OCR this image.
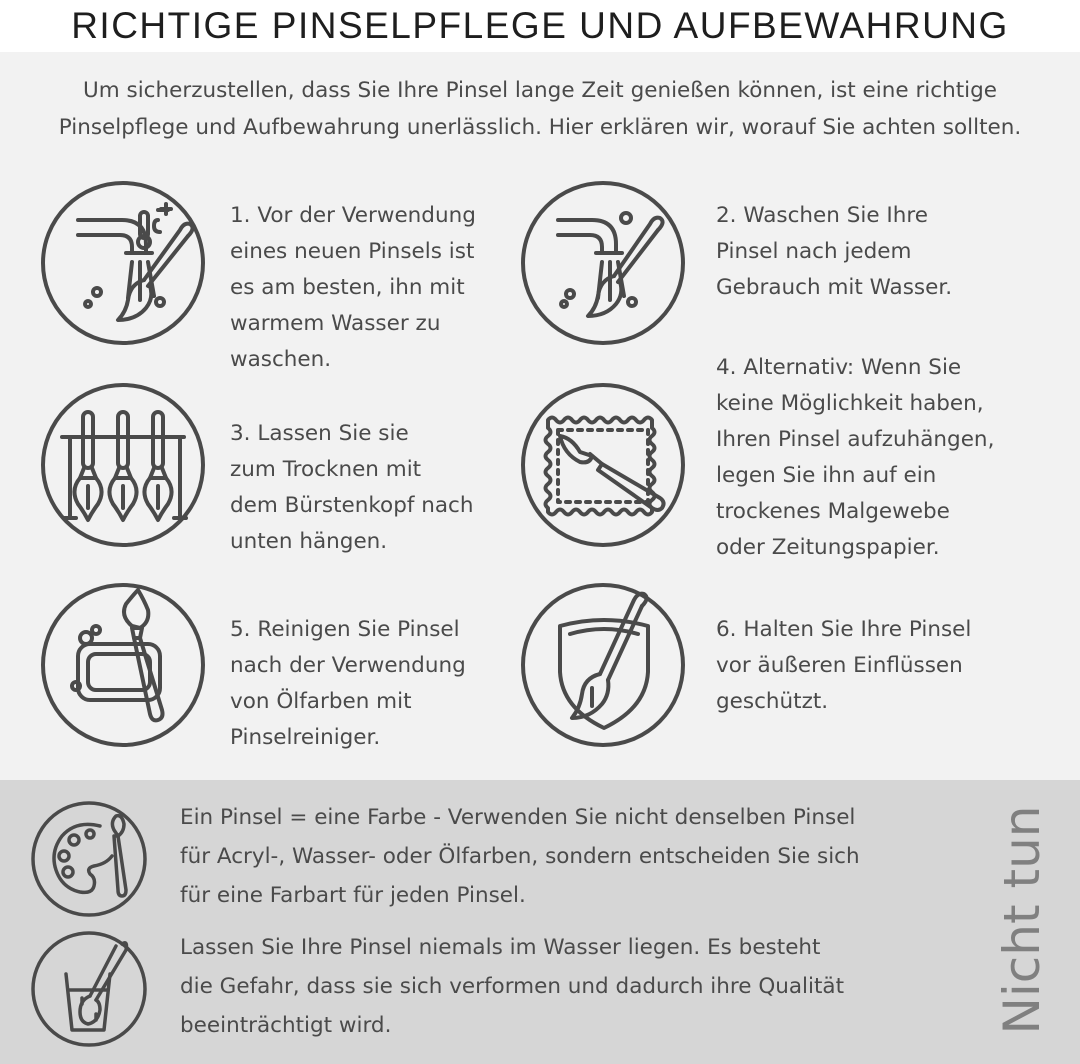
RICHTIGE PINSELPFLEGE UND AUFBEWAHRUNG
Um sicherzustellen, dass Sie Ihre Pinsel lange Zeit genießen können, ist eine richtige
Pinselpflege und Aufbewahrung unerlässlich. Hier erklären wir, worauf Sie achten sollten.
1. Vor der Verwendung
eines neuen Pinsels ist
es am besten, ihn mit
warmem Wasser zu
waschen.
2. Waschen Sie Ihre
Pinsel nach jedem
Gebrauch mit Wasser.
3. Lassen Sie sie
zum Trocknen mit
dem Bürstenkopf nach
unten hängen.
4. Alternativ: Wenn Sie
keine Möglichkeit haben,
Ihren Pinsel aufzuhängen,
legen Sie ihn auf ein
trockenes Malgewebe
oder Zeitungspapier.
5. Reinigen Sie Pinsel
nach der Verwendung
von Ölfarben mit
Pinselreiniger.
6. Halten Sie Ihre Pinsel
vor äußeren Einflüssen
geschützt.
Ein Pinsel = eine Farbe - Verwenden Sie nicht denselben Pinsel
für Acryl-, Wasser- oder Ölfarben, sondern entscheiden Sie sich
für eine Farbart für jeden Pinsel.
Lassen Sie Ihre Pinsel niemals im Wasser liegen. Es besteht
die Gefahr, dass sie sich verformen und dadurch ihre Qualität
beeinträchtigt wird.	Nicht tun
